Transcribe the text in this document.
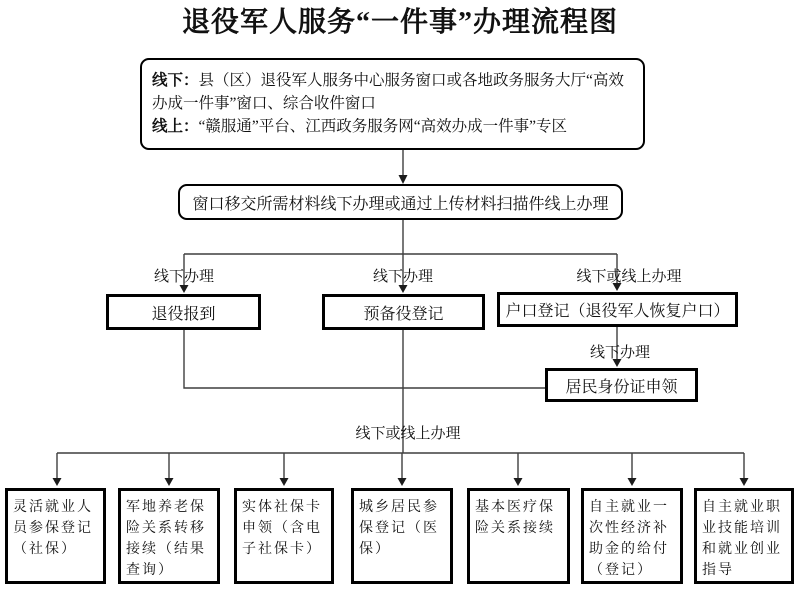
退役军人服务“一件事”办理流程图
线下：县（区）退役军人服务中心服务窗口或各地政务服务大厅“高效办成一件事”窗口、综合收件窗口
线上：“赣服通”平台、江西政务服务网“高效办成一件事”专区
窗口移交所需材料线下办理或通过上传材料扫描件线上办理
线下办理	线下办理	线下或线上办理
退役报到	预备役登记	户口登记（退役军人恢复户口）
线下办理
居民身份证申领
线下或线上办理
灵活就业人员参保登记（社保）
军地养老保险关系转移接续（结果查询）
实体社保卡申领（含电子社保卡）
城乡居民参保登记（医保）
基本医疗保险关系接续
自主就业一次性经济补助金的给付（登记）
自主就业职业技能培训和就业创业指导
